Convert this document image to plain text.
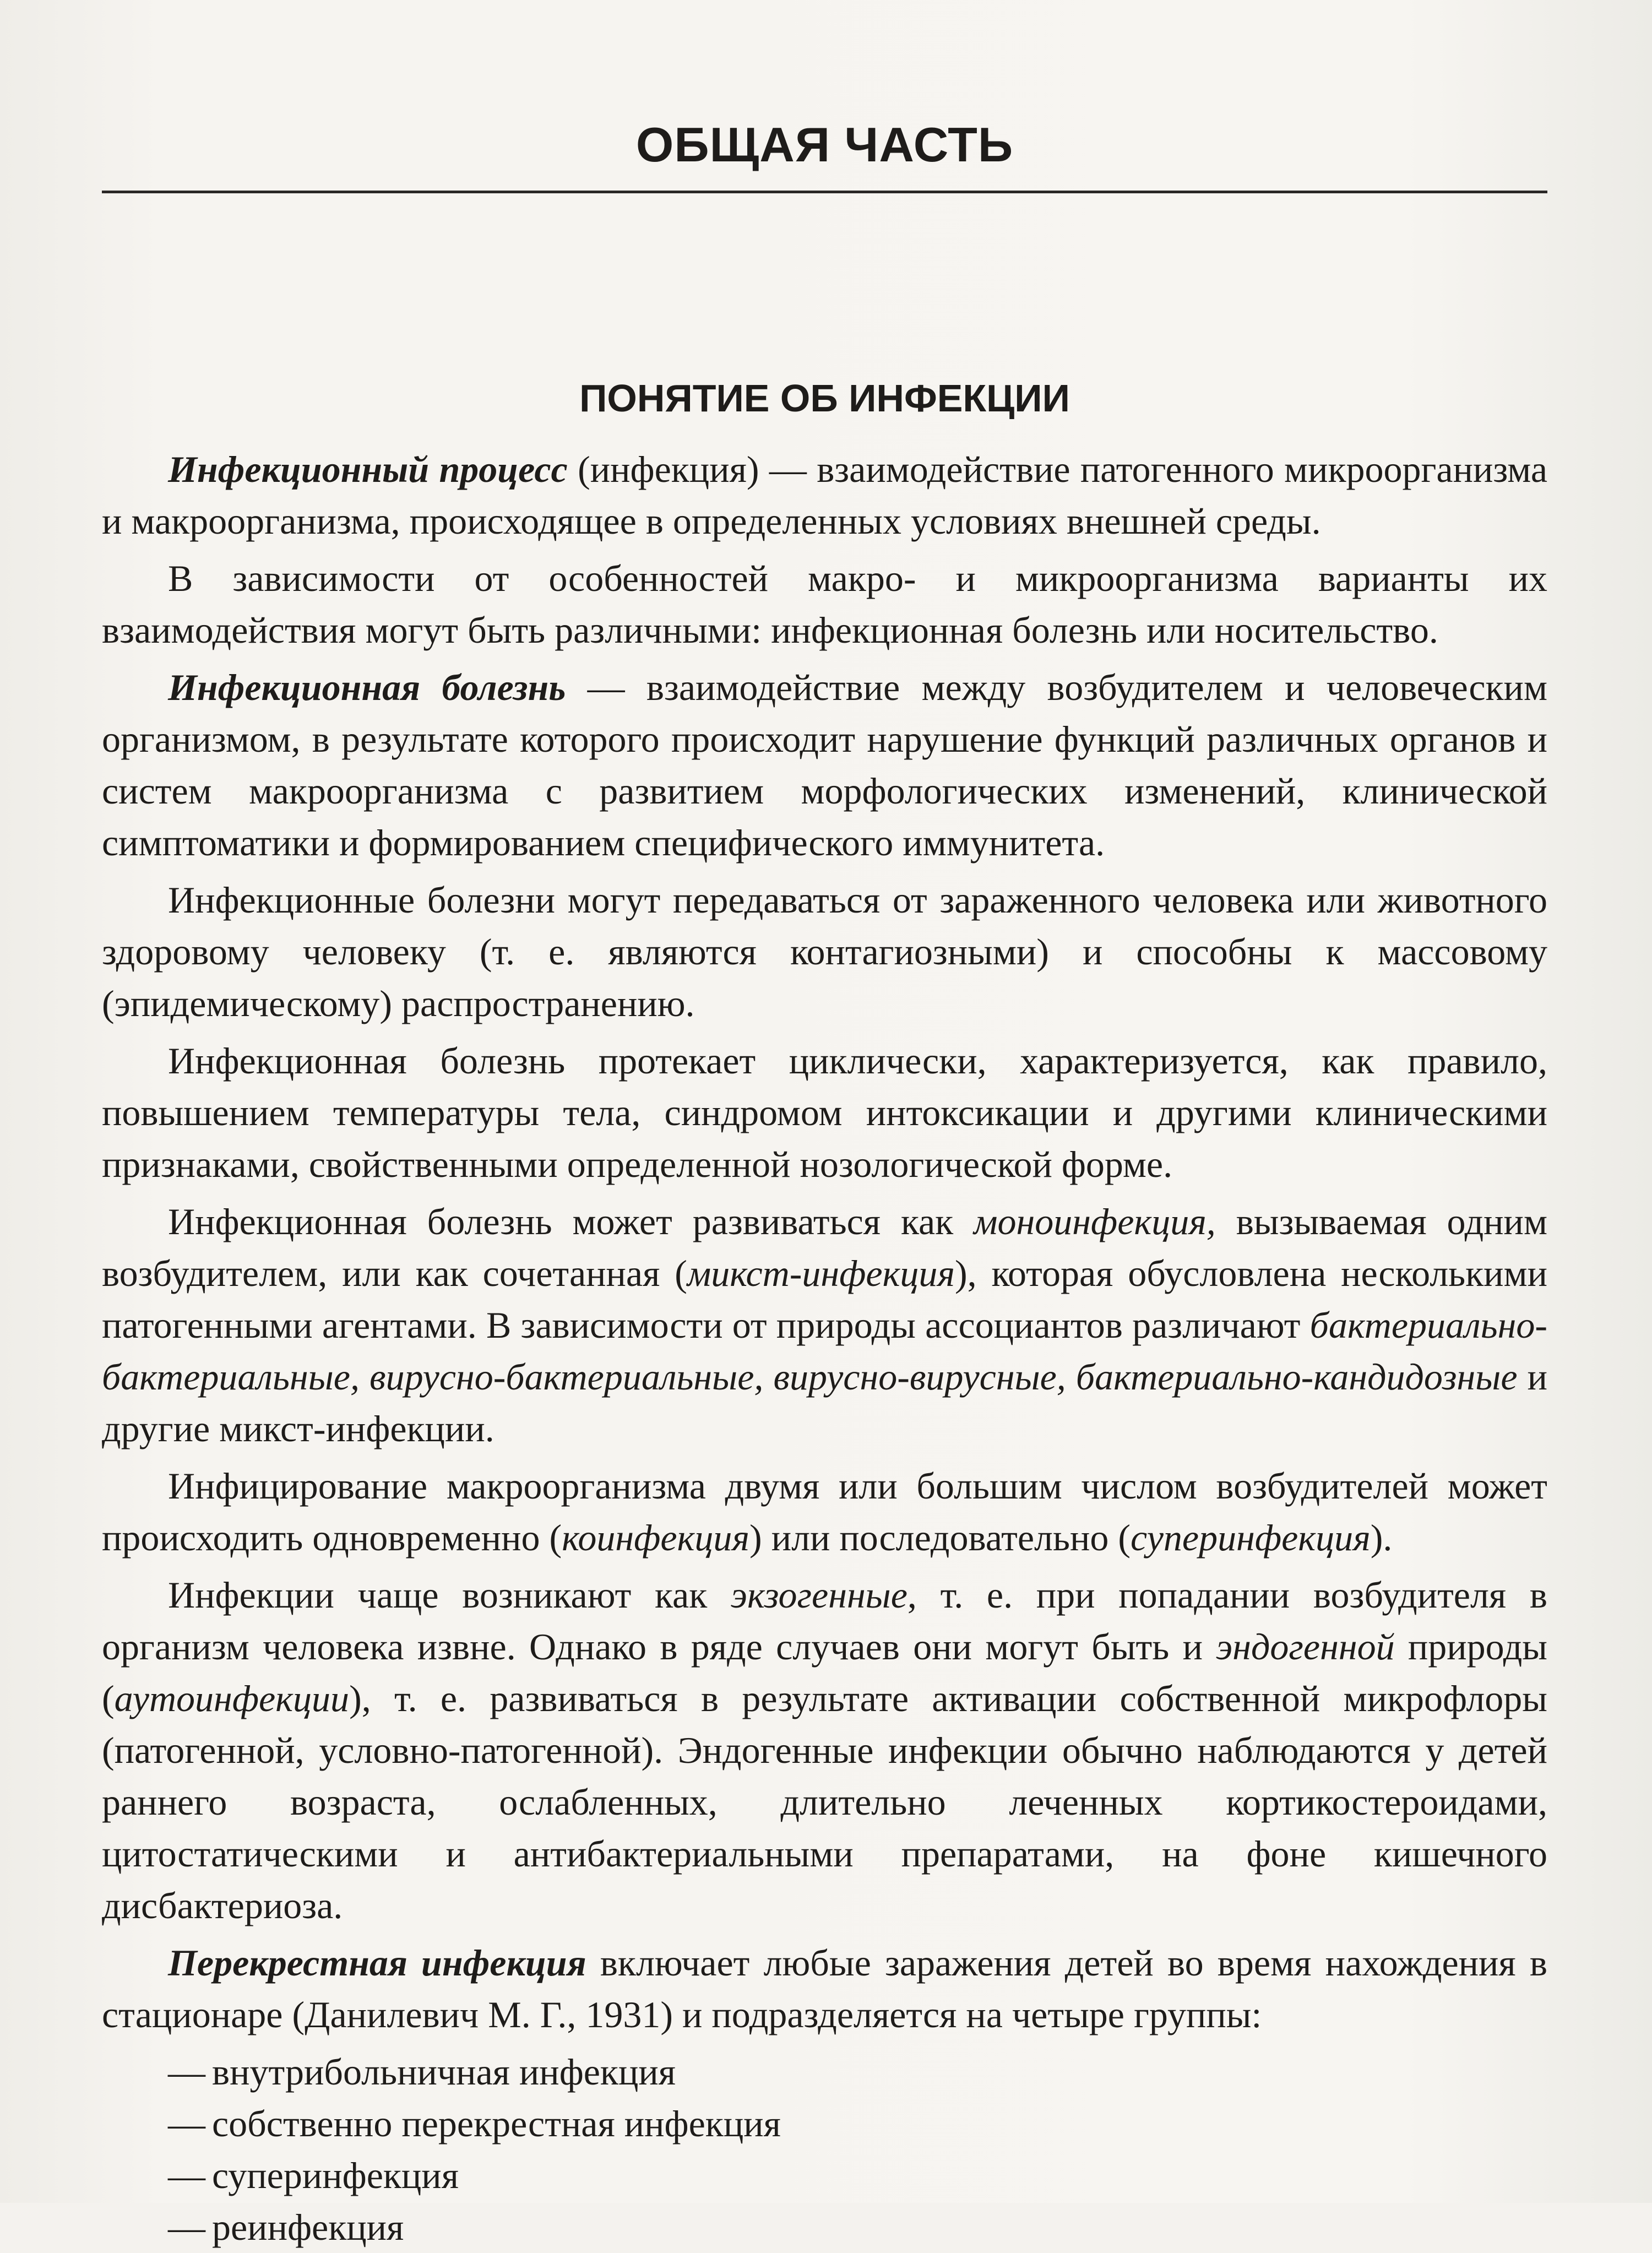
ОБЩАЯ ЧАСТЬ
ПОНЯТИЕ ОБ ИНФЕКЦИИ

Инфекционный процесс (инфекция) — взаимодействие патогенного микроорганизма и макроорганизма, происходящее в определенных условиях внешней среды.

В зависимости от особенностей макро- и микроорганизма варианты их взаимодействия могут быть различными: инфекционная болезнь или носительство.

Инфекционная болезнь — взаимодействие между возбудителем и человеческим организмом, в результате которого происходит нарушение функций различных органов и систем макроорганизма с развитием морфологических изменений, клинической симптоматики и формированием специфического иммунитета.

Инфекционные болезни могут передаваться от зараженного человека или животного здоровому человеку (т. е. являются контагиозными) и способны к массовому (эпидемическому) распространению.

Инфекционная болезнь протекает циклически, характеризуется, как правило, повышением температуры тела, синдромом интоксикации и другими клиническими признаками, свойственными определенной нозологической форме.

Инфекционная болезнь может развиваться как моноинфекция, вызываемая одним возбудителем, или как сочетанная (микст-инфекция), которая обусловлена несколькими патогенными агентами. В зависимости от природы ассоциантов различают бактериально-бактериальные, вирусно-бактериальные, вирусно-вирусные, бактериально-кандидозные и другие микст-инфекции.

Инфицирование макроорганизма двумя или большим числом возбудителей может происходить одновременно (коинфекция) или последовательно (суперинфекция).

Инфекции чаще возникают как экзогенные, т. е. при попадании возбудителя в организм человека извне. Однако в ряде случаев они могут быть и эндогенной природы (аутоинфекции), т. е. развиваться в результате активации собственной микрофлоры (патогенной, условно-патогенной). Эндогенные инфекции обычно наблюдаются у детей раннего возраста, ослабленных, длительно леченных кортикостероидами, цитостатическими и антибактериальными препаратами, на фоне кишечного дисбактериоза.

Перекрестная инфекция включает любые заражения детей во время нахождения в стационаре (Данилевич М. Г., 1931) и подразделяется на четыре группы:

— внутрибольничная инфекция
— собственно перекрестная инфекция
— суперинфекция
— реинфекция
